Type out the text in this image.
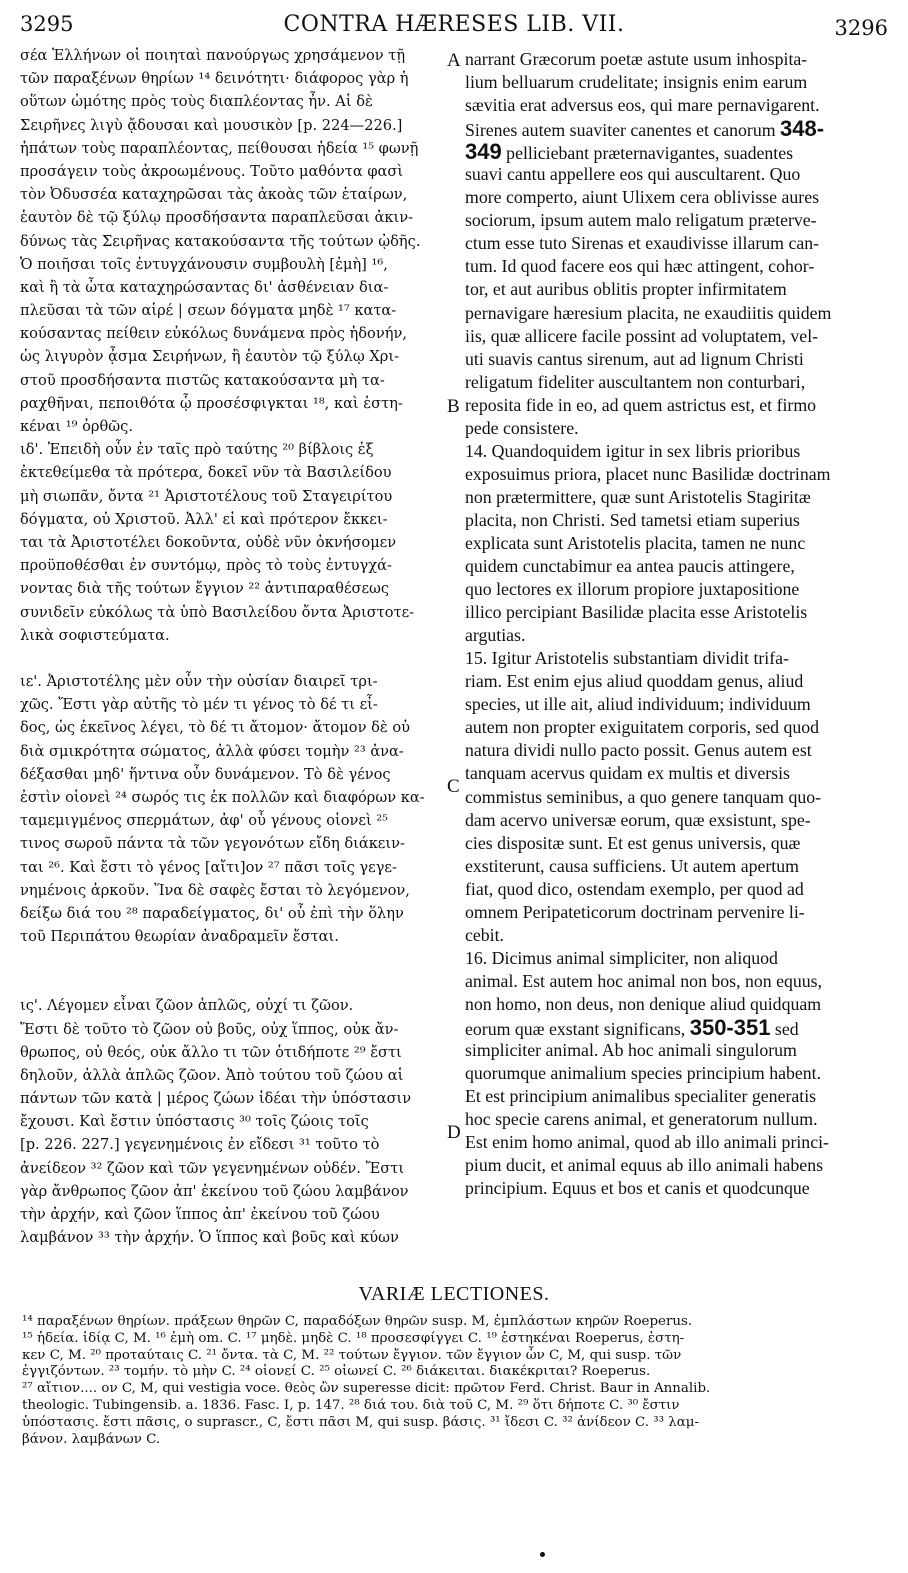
3295	CONTRA HÆRESES LIB. VII.	3296
A
B
C
D
σέα Ἑλλήνων οἱ ποιηταὶ πανούργως χρησάμενον τῇ
τῶν παραξένων θηρίων ¹⁴ δεινότητι· διάφορος γὰρ ἡ
οὕτων ὠμότης πρὸς τοὺς διαπλέοντας ἦν. Αἱ δὲ
Σειρῆνες λιγὺ ᾄδουσαι καὶ μουσικὸν [p. 224—226.]
ἠπάτων τοὺς παραπλέοντας, πείθουσαι ἡδεία ¹⁵ φωνῇ
προσάγειν τοὺς ἀκροωμένους. Τοῦτο μαθόντα φασὶ
τὸν Ὀδυσσέα καταχηρῶσαι τὰς ἀκοὰς τῶν ἑταίρων,
ἑαυτὸν δὲ τῷ ξύλῳ προσδήσαντα παραπλεῦσαι ἀκιν-
δύνως τὰς Σειρῆνας κατακούσαντα τῆς τούτων ᾠδῆς.
Ὁ ποιῆσαι τοῖς ἐντυγχάνουσιν συμβουλὴ [ἐμὴ] ¹⁶,
καὶ ἢ τὰ ὦτα καταχηρώσαντας δι' ἀσθένειαν δια-
πλεῦσαι τὰ τῶν αἱρέ | σεων δόγματα μηδὲ ¹⁷ κατα-
κούσαντας πείθειν εὐκόλως δυνάμενα πρὸς ἡδονήν,
ὡς λιγυρὸν ᾆσμα Σειρήνων, ἢ ἑαυτὸν τῷ ξύλῳ Χρι-
στοῦ προσδήσαντα πιστῶς κατακούσαντα μὴ τα-
ραχθῆναι, πεποιθότα ᾧ προσέσφιγκται ¹⁸, καὶ ἑστη-
κέναι ¹⁹ ὀρθῶς.
ιδ'. Ἐπειδὴ οὖν ἐν ταῖς πρὸ ταύτης ²⁰ βίβλοις ἐξ
ἐκτεθείμεθα τὰ πρότερα, δοκεῖ νῦν τὰ Βασιλείδου
μὴ σιωπᾶν, ὄντα ²¹ Ἀριστοτέλους τοῦ Σταγειρίτου
δόγματα, οὐ Χριστοῦ. Ἀλλ' εἰ καὶ πρότερον ἔκκει-
ται τὰ Ἀριστοτέλει δοκοῦντα, οὐδὲ νῦν ὀκνήσομεν
προϋποθέσθαι ἐν συντόμῳ, πρὸς τὸ τοὺς ἐντυγχά-
νοντας διὰ τῆς τούτων ἔγγιον ²² ἀντιπαραθέσεως
συνιδεῖν εὐκόλως τὰ ὑπὸ Βασιλείδου ὄντα Ἀριστοτε-
λικὰ σοφιστεύματα.
ιε'. Ἀριστοτέλης μὲν οὖν τὴν οὐσίαν διαιρεῖ τρι-
χῶς. Ἔστι γὰρ αὐτῆς τὸ μέν τι γένος τὸ δέ τι εἶ-
δος, ὡς ἐκεῖνος λέγει, τὸ δέ τι ἄτομον· ἄτομον δὲ οὐ
διὰ σμικρότητα σώματος, ἀλλὰ φύσει τομὴν ²³ ἀνα-
δέξασθαι μηδ' ἥντινα οὖν δυνάμενον. Τὸ δὲ γένος
ἐστὶν οἱονεὶ ²⁴ σωρός τις ἐκ πολλῶν καὶ διαφόρων κα-
ταμεμιγμένος σπερμάτων, ἀφ' οὗ γένους οἱονεὶ ²⁵
τινος σωροῦ πάντα τὰ τῶν γεγονότων εἴδη διάκειν-
ται ²⁶. Καὶ ἔστι τὸ γένος [αἴτι]ον ²⁷ πᾶσι τοῖς γεγε-
νημένοις ἀρκοῦν. Ἵνα δὲ σαφὲς ἔσται τὸ λεγόμενον,
δείξω διά του ²⁸ παραδείγματος, δι' οὗ ἐπὶ τὴν ὅλην
τοῦ Περιπάτου θεωρίαν ἀναδραμεῖν ἔσται.
ις'. Λέγομεν εἶναι ζῶον ἁπλῶς, οὐχί τι ζῶον.
Ἔστι δὲ τοῦτο τὸ ζῶον οὐ βοῦς, οὐχ ἵππος, οὐκ ἄν-
θρωπος, οὐ θεός, οὐκ ἄλλο τι τῶν ὁτιδήποτε ²⁹ ἔστι
δηλοῦν, ἀλλὰ ἁπλῶς ζῶον. Ἀπὸ τούτου τοῦ ζώου αἱ
πάντων τῶν κατὰ | μέρος ζώων ἰδέαι τὴν ὑπόστασιν
ἔχουσι. Καὶ ἔστιν ὑπόστασις ³⁰ τοῖς ζώοις τοῖς
[p. 226. 227.] γεγενημένοις ἐν εἴδεσι ³¹ τοῦτο τὸ
ἀνείδεον ³² ζῶον καὶ τῶν γεγενημένων οὐδέν. Ἔστι
γὰρ ἄνθρωπος ζῶον ἀπ' ἐκείνου τοῦ ζώου λαμβάνον
τὴν ἀρχήν, καὶ ζῶον ἵππος ἀπ' ἐκείνου τοῦ ζώου
λαμβάνον ³³ τὴν ἀρχήν. Ὁ ἵππος καὶ βοῦς καὶ κύων
narrant Græcorum poetæ astute usum inhospita-
lium belluarum crudelitate; insignis enim earum
sævitia erat adversus eos, qui mare pernavigarent.
Sirenes autem suaviter canentes et canorum 348-
349 pelliciebant præternavigantes, suadentes
suavi cantu appellere eos qui auscultarent. Quo
more comperto, aiunt Ulixem cera oblivisse aures
sociorum, ipsum autem malo religatum prætervе-
ctum esse tuto Sirenas et exaudivisse illarum can-
tum. Id quod facere eos qui hæc attingent, cohor-
tor, et aut auribus oblitis propter infirmitatem
pernavigare hæresium placita, ne exaudiitis quidem
iis, quæ allicere facile possint ad voluptatem, vel-
uti suavis cantus sirenum, aut ad lignum Christi
religatum fideliter auscultantem non conturbari,
reposita fide in eo, ad quem astrictus est, et firmo
pede consistere.
14. Quandoquidem igitur in sex libris prioribus
exposuimus priora, placet nunc Basilidæ doctrinam
non prætermittere, quæ sunt Aristotelis Stagiritæ
placita, non Christi. Sed tametsi etiam superius
explicata sunt Aristotelis placita, tamen ne nunc
quidem cunctabimur ea antea paucis attingere,
quo lectores ex illorum propiore juxtapositione
illico percipiant Basilidæ placita esse Aristotelis
argutias.
15. Igitur Aristotelis substantiam dividit trifa-
riam. Est enim ejus aliud quoddam genus, aliud
species, ut ille ait, aliud individuum; individuum
autem non propter exiguitatem corporis, sed quod
natura dividi nullo pacto possit. Genus autem est
tanquam acervus quidam ex multis et diversis
commistus seminibus, a quo genere tanquam quo-
dam acervo universæ eorum, quæ exsistunt, spe-
cies dispositæ sunt. Et est genus universis, quæ
exstiterunt, causa sufficiens. Ut autem apertum
fiat, quod dico, ostendam exemplo, per quod ad
omnem Peripateticorum doctrinam pervenire li-
cebit.
16. Dicimus animal simpliciter, non aliquod
animal. Est autem hoc animal non bos, non equus,
non homo, non deus, non denique aliud quidquam
eorum quæ exstant significans, 350-351 sed
simpliciter animal. Ab hoc animali singulorum
quorumque animalium species principium habent.
Et est principium animalibus specialiter generatis
hoc specie carens animal, et generatorum nullum.
Est enim homo animal, quod ab illo animali princi-
pium ducit, et animal equus ab illo animali habens
principium. Equus et bos et canis et quodcunque
VARIÆ LECTIONES.
¹⁴ παραξένων θηρίων. πράξεων θηρῶν C, παραδόξων θηρῶν susp. M, ἐμπλάστων κηρῶν Roeperus.
¹⁵ ἡδεία. ἰδίᾳ C, M. ¹⁶ ἐμὴ om. C. ¹⁷ μηδὲ. μηδὲ C. ¹⁸ προσεσφίγγει C. ¹⁹ ἑστηκέναι Roeperus, ἑστη-
κεν C, M. ²⁰ προταύταις C. ²¹ ὄντα. τὰ C, M. ²² τούτων ἔγγιον. τῶν ἔγγιον ὧν C, M, qui susp. τῶν
ἐγγιζόντων. ²³ τομήν. τὸ μὴν C. ²⁴ οἱονεί C. ²⁵ οἰωνεί C. ²⁶ διάκειται. διακέκριται? Roeperus.
²⁷ αἴτιον.... ον C, M, qui vestigia voce. θεὸς ὢν superesse dicit: πρῶτον Ferd. Christ. Baur in Annalib.
theologic. Tubingensib. a. 1836. Fasc. I, p. 147. ²⁸ διά του. διὰ τοῦ C, M. ²⁹ ὅτι δήποτε C. ³⁰ ἔστιν
ὑπόστασις. ἔστι πᾶσις, o suprascr., C, ἔστι πᾶσι M, qui susp. βάσις. ³¹ ἴδεσι C. ³² ἀνίδεον C. ³³ λαμ-
βάνον. λαμβάνων C.
